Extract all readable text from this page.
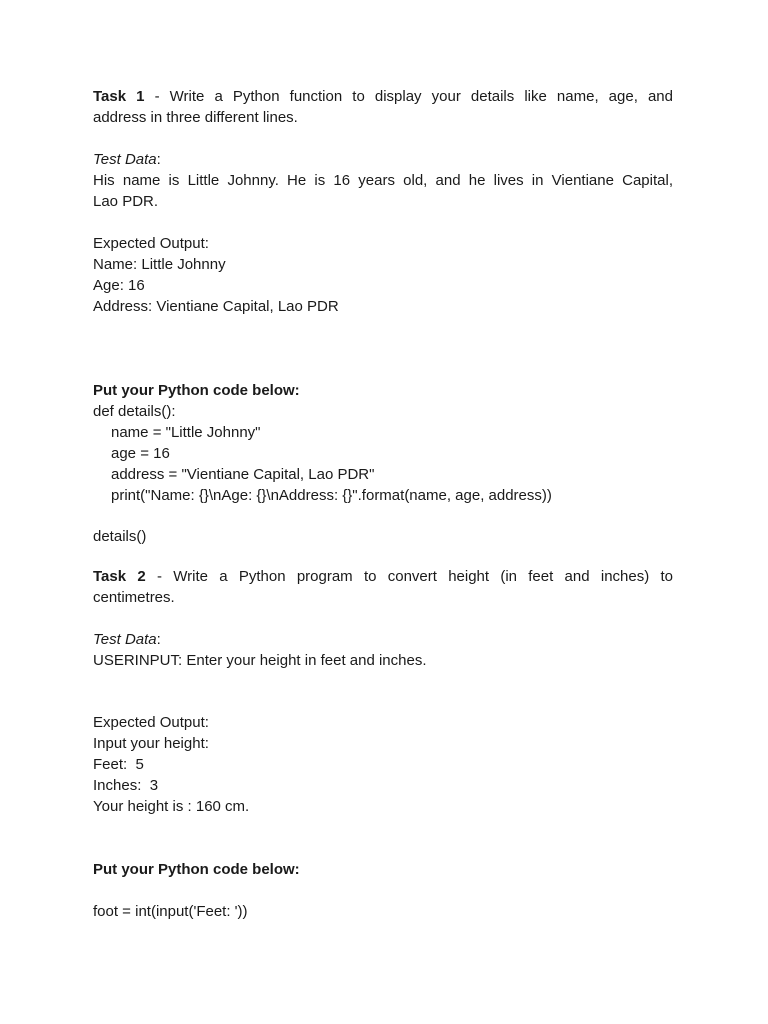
Task 1 - Write a Python function to display your details like name, age, and
address in three different lines.
Test Data:
His name is Little Johnny. He is 16 years old, and he lives in Vientiane Capital,
Lao PDR.
Expected Output:
Name: Little Johnny
Age: 16
Address: Vientiane Capital, Lao PDR
Put your Python code below:
def details():
name = "Little Johnny"
age = 16
address = "Vientiane Capital, Lao PDR"
print("Name: {}\nAge: {}\nAddress: {}".format(name, age, address))
details()
Task 2 - Write a Python program to convert height (in feet and inches) to
centimetres.
Test Data:
USERINPUT: Enter your height in feet and inches.
Expected Output:
Input your height:
Feet:  5
Inches:  3
Your height is : 160 cm.
Put your Python code below:
foot = int(input('Feet: '))
